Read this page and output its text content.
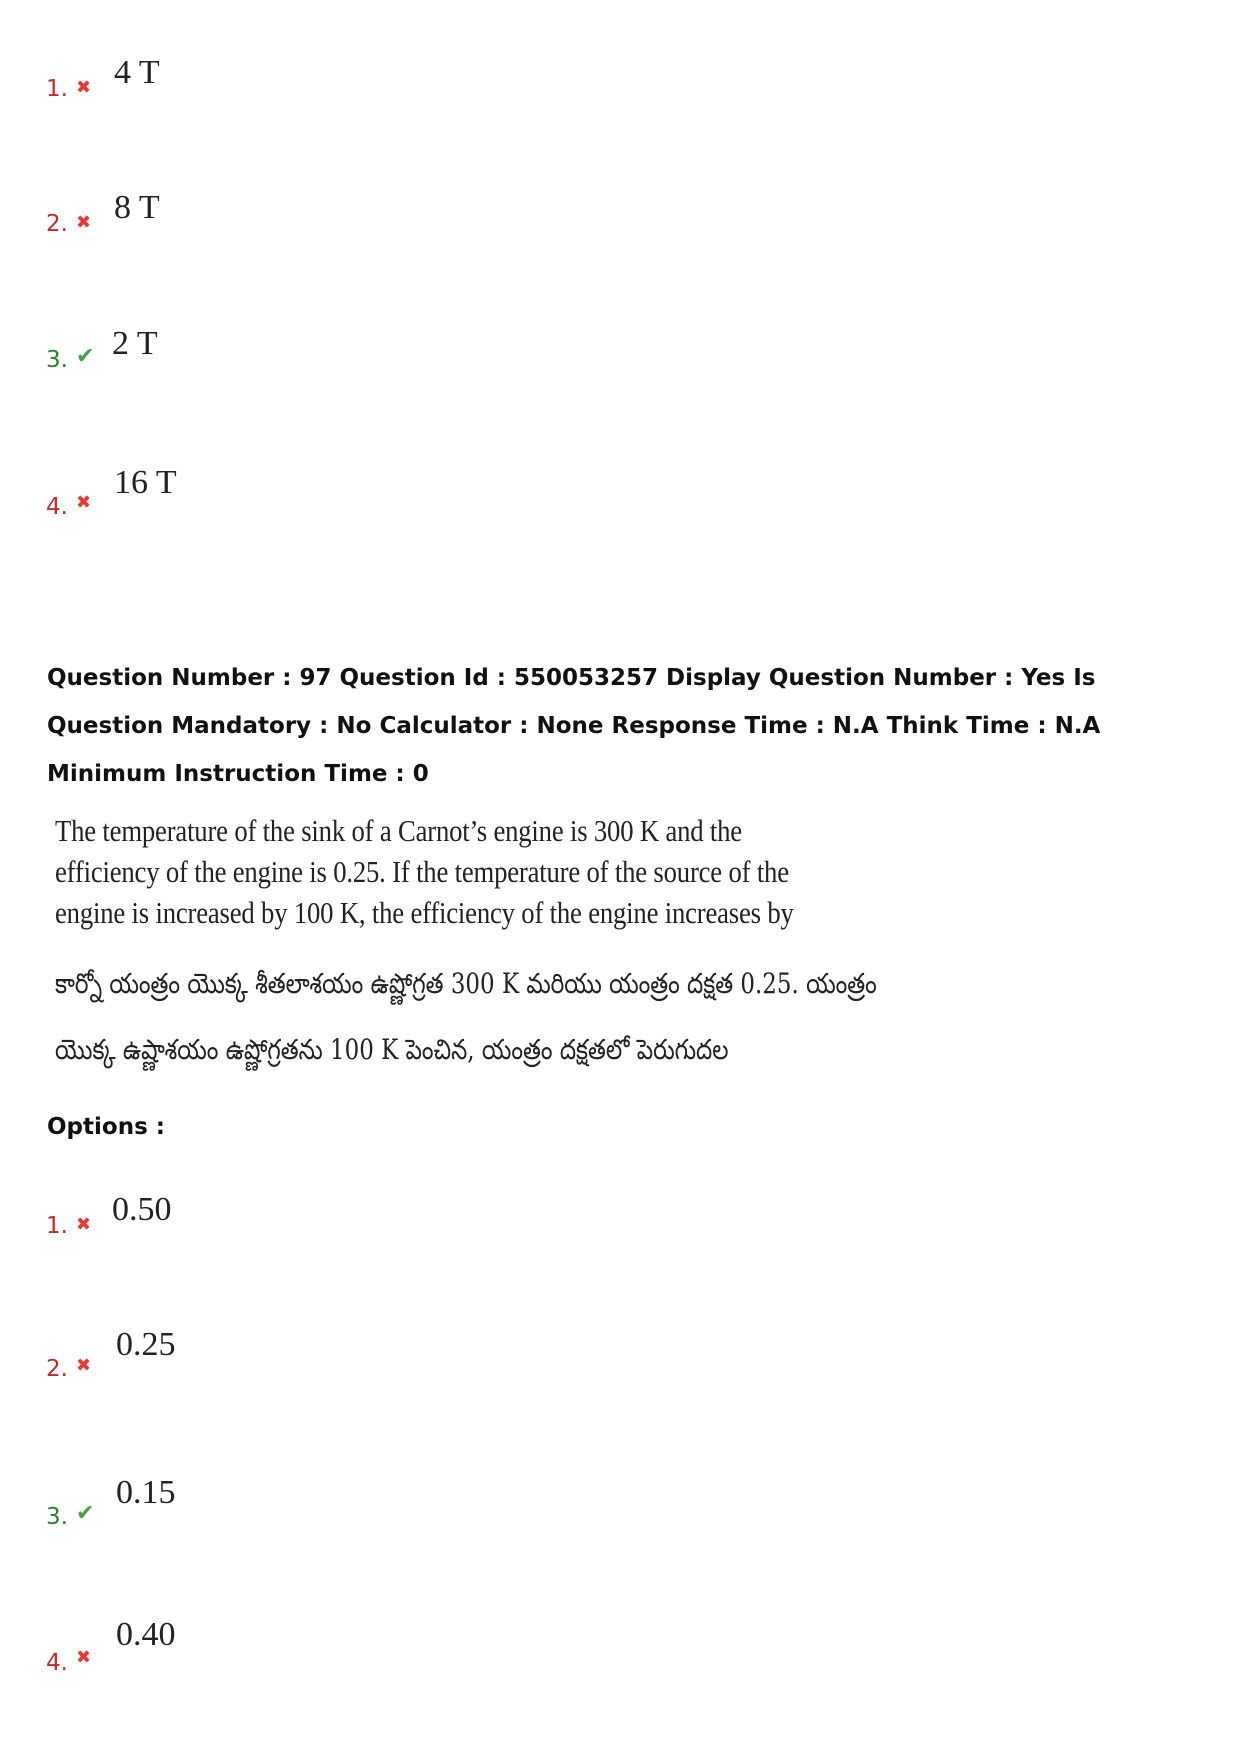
1. ✖ 4 T
2. ✖ 8 T
3. ✔ 2 T
4. ✖
16 T
Question Number : 97 Question Id : 550053257 Display Question Number : Yes Is Question Mandatory : No Calculator : None Response Time : N.A Think Time : N.A Minimum Instruction Time : 0
The temperature of the sink of a Carnot’s engine is 300 K and the efficiency of the engine is 0.25. If the temperature of the source of the engine is increased by 100 K, the efficiency of the engine increases by
కార్నో యంత్రం యొక్క శీతలాశయం ఉష్ణోగ్రత 300 K మరియు యంత్రం దక్షత 0.25. యంత్రం
యొక్క ఉష్ణాశయం ఉష్ణోగ్రతను 100 K పెంచిన, యంత్రం దక్షతలో పెరుగుదల
Options :
1. ✖ 0.50
2. ✖
0.25
3. ✔
0.15
4. ✖
0.40
